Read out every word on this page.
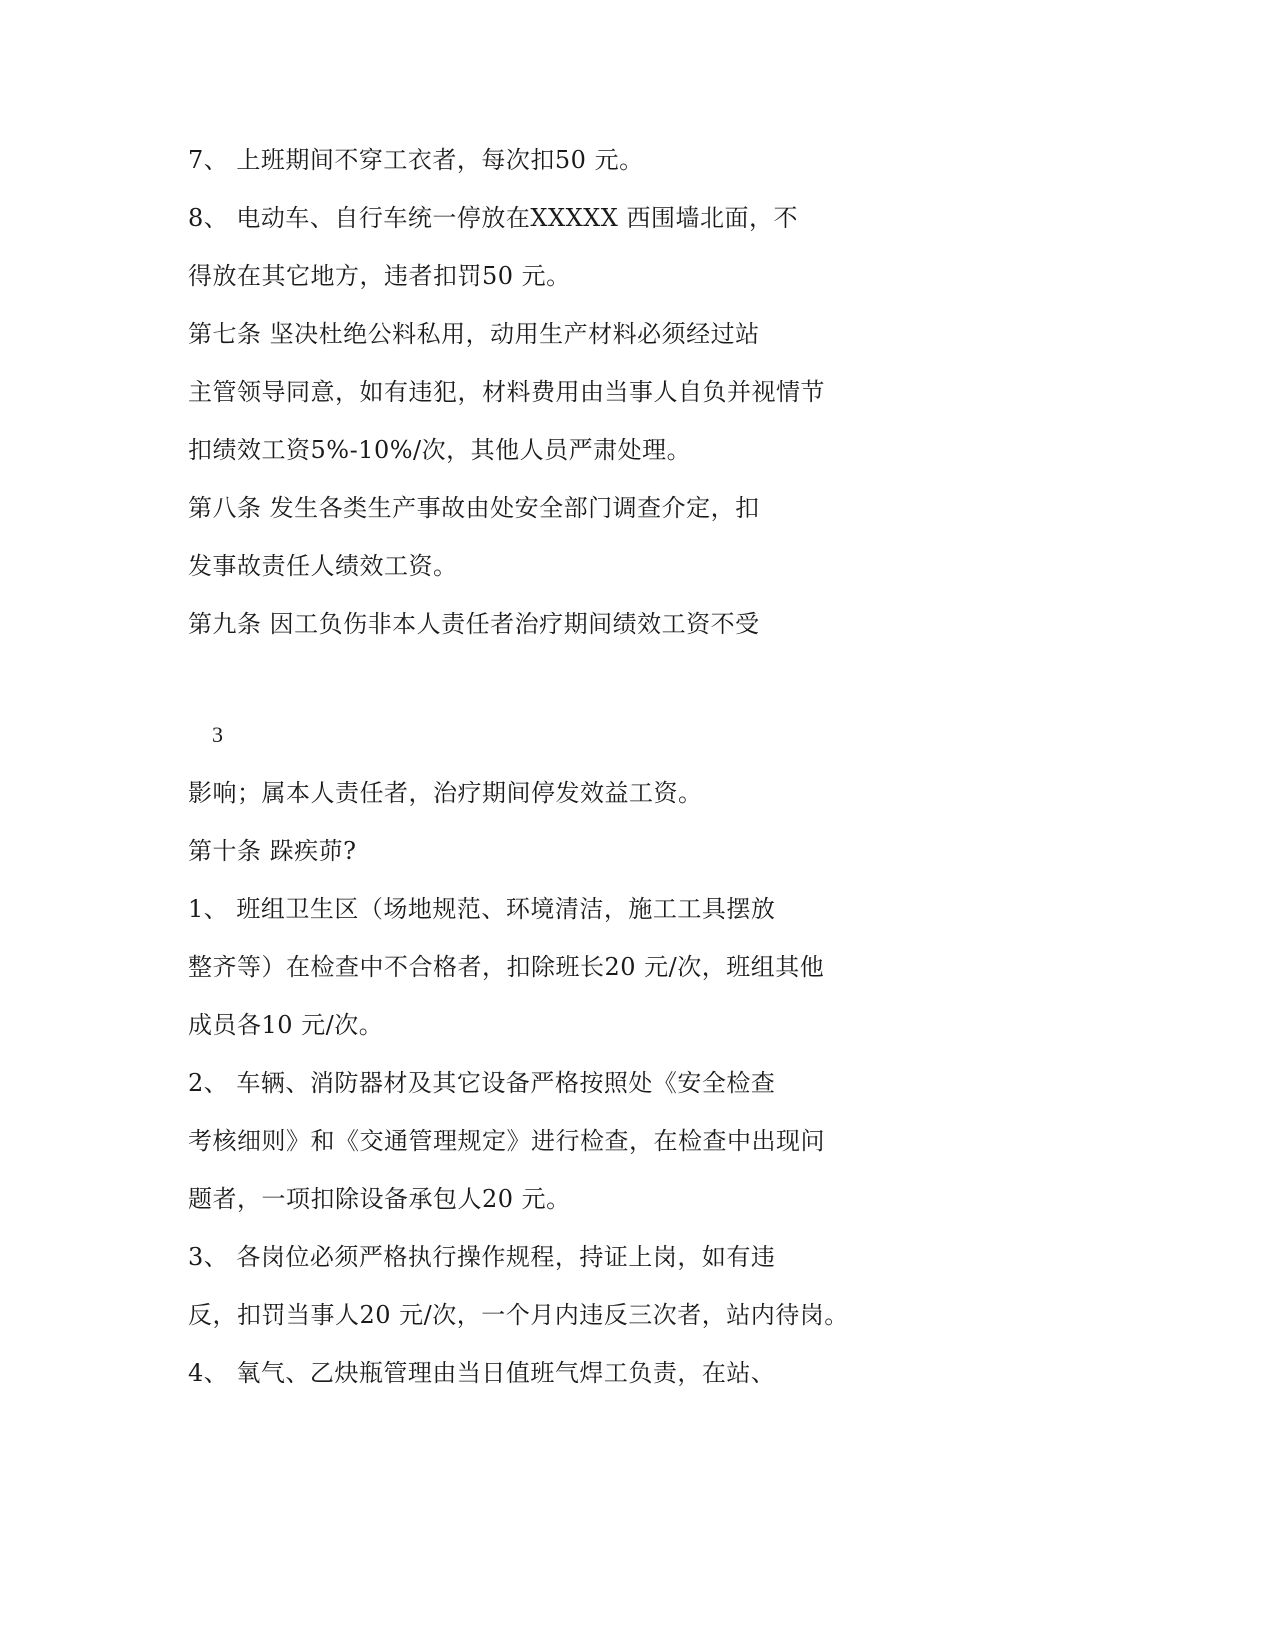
7、 上班期间不穿工衣者，每次扣50 元。
8、 电动车、自行车统一停放在XXXXX 西围墙北面，不
得放在其它地方，违者扣罚50 元。
第七条 坚决杜绝公料私用，动用生产材料必须经过站
主管领导同意，如有违犯，材料费用由当事人自负并视情节
扣绩效工资5%-10%/次，其他人员严肃处理。
第八条 发生各类生产事故由处安全部门调查介定，扣
发事故责任人绩效工资。
第九条 因工负伤非本人责任者治疗期间绩效工资不受
3
影响；属本人责任者，治疗期间停发效益工资。
第十条 跺疾茆?
1、 班组卫生区（场地规范、环境清洁，施工工具摆放
整齐等）在检查中不合格者，扣除班长20 元/次，班组其他
成员各10 元/次。
2、 车辆、消防器材及其它设备严格按照处《安全检查
考核细则》和《交通管理规定》进行检查，在检查中出现问
题者，一项扣除设备承包人20 元。
3、 各岗位必须严格执行操作规程，持证上岗，如有违
反，扣罚当事人20 元/次，一个月内违反三次者，站内待岗。
4、 氧气、乙炔瓶管理由当日值班气焊工负责，在站、
